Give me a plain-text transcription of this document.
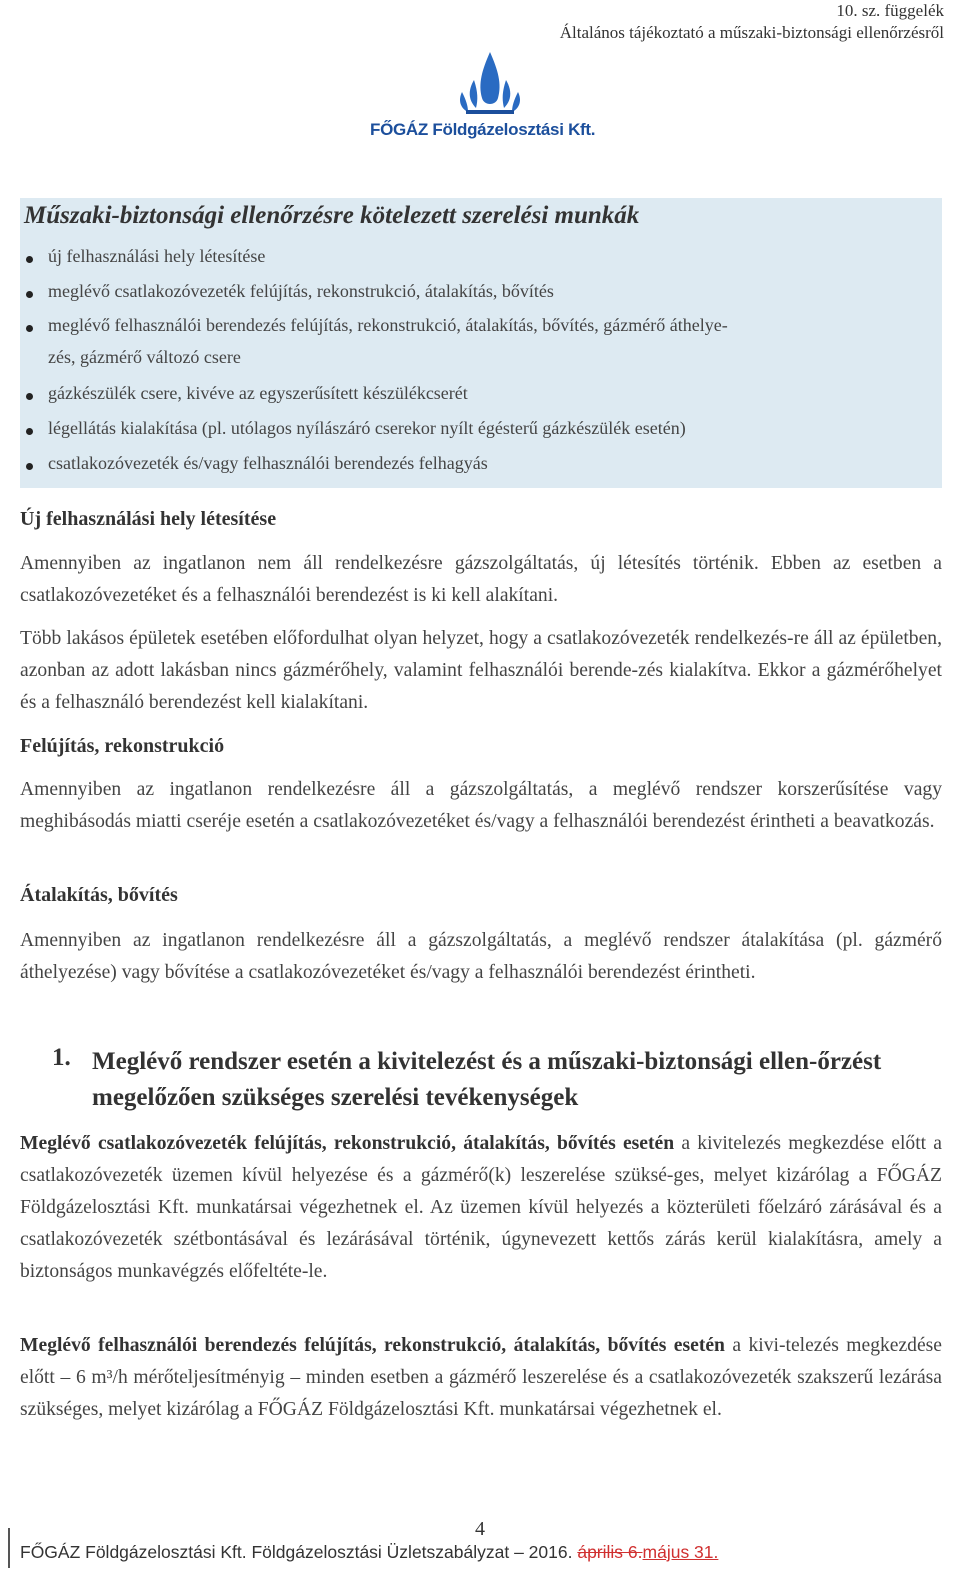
10. sz. függelék
Általános tájékoztató a műszaki-biztonsági ellenőrzésről
FŐGÁZ Földgázelosztási Kft.
Műszaki-biztonsági ellenőrzésre kötelezett szerelési munkák
új felhasználási hely létesítése
meglévő csatlakozóvezeték felújítás, rekonstrukció, átalakítás, bővítés
meglévő felhasználói berendezés felújítás, rekonstrukció, átalakítás, bővítés, gázmérő áthelye-
zés, gázmérő változó csere
gázkészülék csere, kivéve az egyszerűsített készülékcserét
légellátás kialakítása (pl. utólagos nyílászáró cserekor nyílt égésterű gázkészülék esetén)
csatlakozóvezeték és/vagy felhasználói berendezés felhagyás
Új felhasználási hely létesítése
Amennyiben az ingatlanon nem áll rendelkezésre gázszolgáltatás, új létesítés történik. Ebben az esetben a csatlakozóvezetéket és a felhasználói berendezést is ki kell alakítani.
Több lakásos épületek esetében előfordulhat olyan helyzet, hogy a csatlakozóvezeték rendelkezés-re áll az épületben, azonban az adott lakásban nincs gázmérőhely, valamint felhasználói berende-zés kialakítva. Ekkor a gázmérőhelyet és a felhasználó berendezést kell kialakítani.
Felújítás, rekonstrukció
Amennyiben az ingatlanon rendelkezésre áll a gázszolgáltatás, a meglévő rendszer korszerűsítése vagy meghibásodás miatti cseréje esetén a csatlakozóvezetéket és/vagy a felhasználói berendezést érintheti a beavatkozás.
Átalakítás, bővítés
Amennyiben az ingatlanon rendelkezésre áll a gázszolgáltatás, a meglévő rendszer átalakítása (pl. gázmérő áthelyezése) vagy bővítése a csatlakozóvezetéket és/vagy a felhasználói berendezést érintheti.
1. Meglévő rendszer esetén a kivitelezést és a műszaki-biztonsági ellen-őrzést megelőzően szükséges szerelési tevékenységek
Meglévő csatlakozóvezeték felújítás, rekonstrukció, átalakítás, bővítés esetén a kivitelezés megkezdése előtt a csatlakozóvezeték üzemen kívül helyezése és a gázmérő(k) leszerelése szüksé-ges, melyet kizárólag a FŐGÁZ Földgázelosztási Kft. munkatársai végezhetnek el. Az üzemen kívül helyezés a közterületi főelzáró zárásával és a csatlakozóvezeték szétbontásával és lezárásával történik, úgynevezett kettős zárás kerül kialakításra, amely a biztonságos munkavégzés előfeltéte-le.
Meglévő felhasználói berendezés felújítás, rekonstrukció, átalakítás, bővítés esetén a kivi-telezés megkezdése előtt – 6 m³/h mérőteljesítményig – minden esetben a gázmérő leszerelése és a csatlakozóvezeték szakszerű lezárása szükséges, melyet kizárólag a FŐGÁZ Földgázelosztási Kft. munkatársai végezhetnek el.
4
FŐGÁZ Földgázelosztási Kft. Földgázelosztási Üzletszabályzat – 2016. április 6.május 31.
